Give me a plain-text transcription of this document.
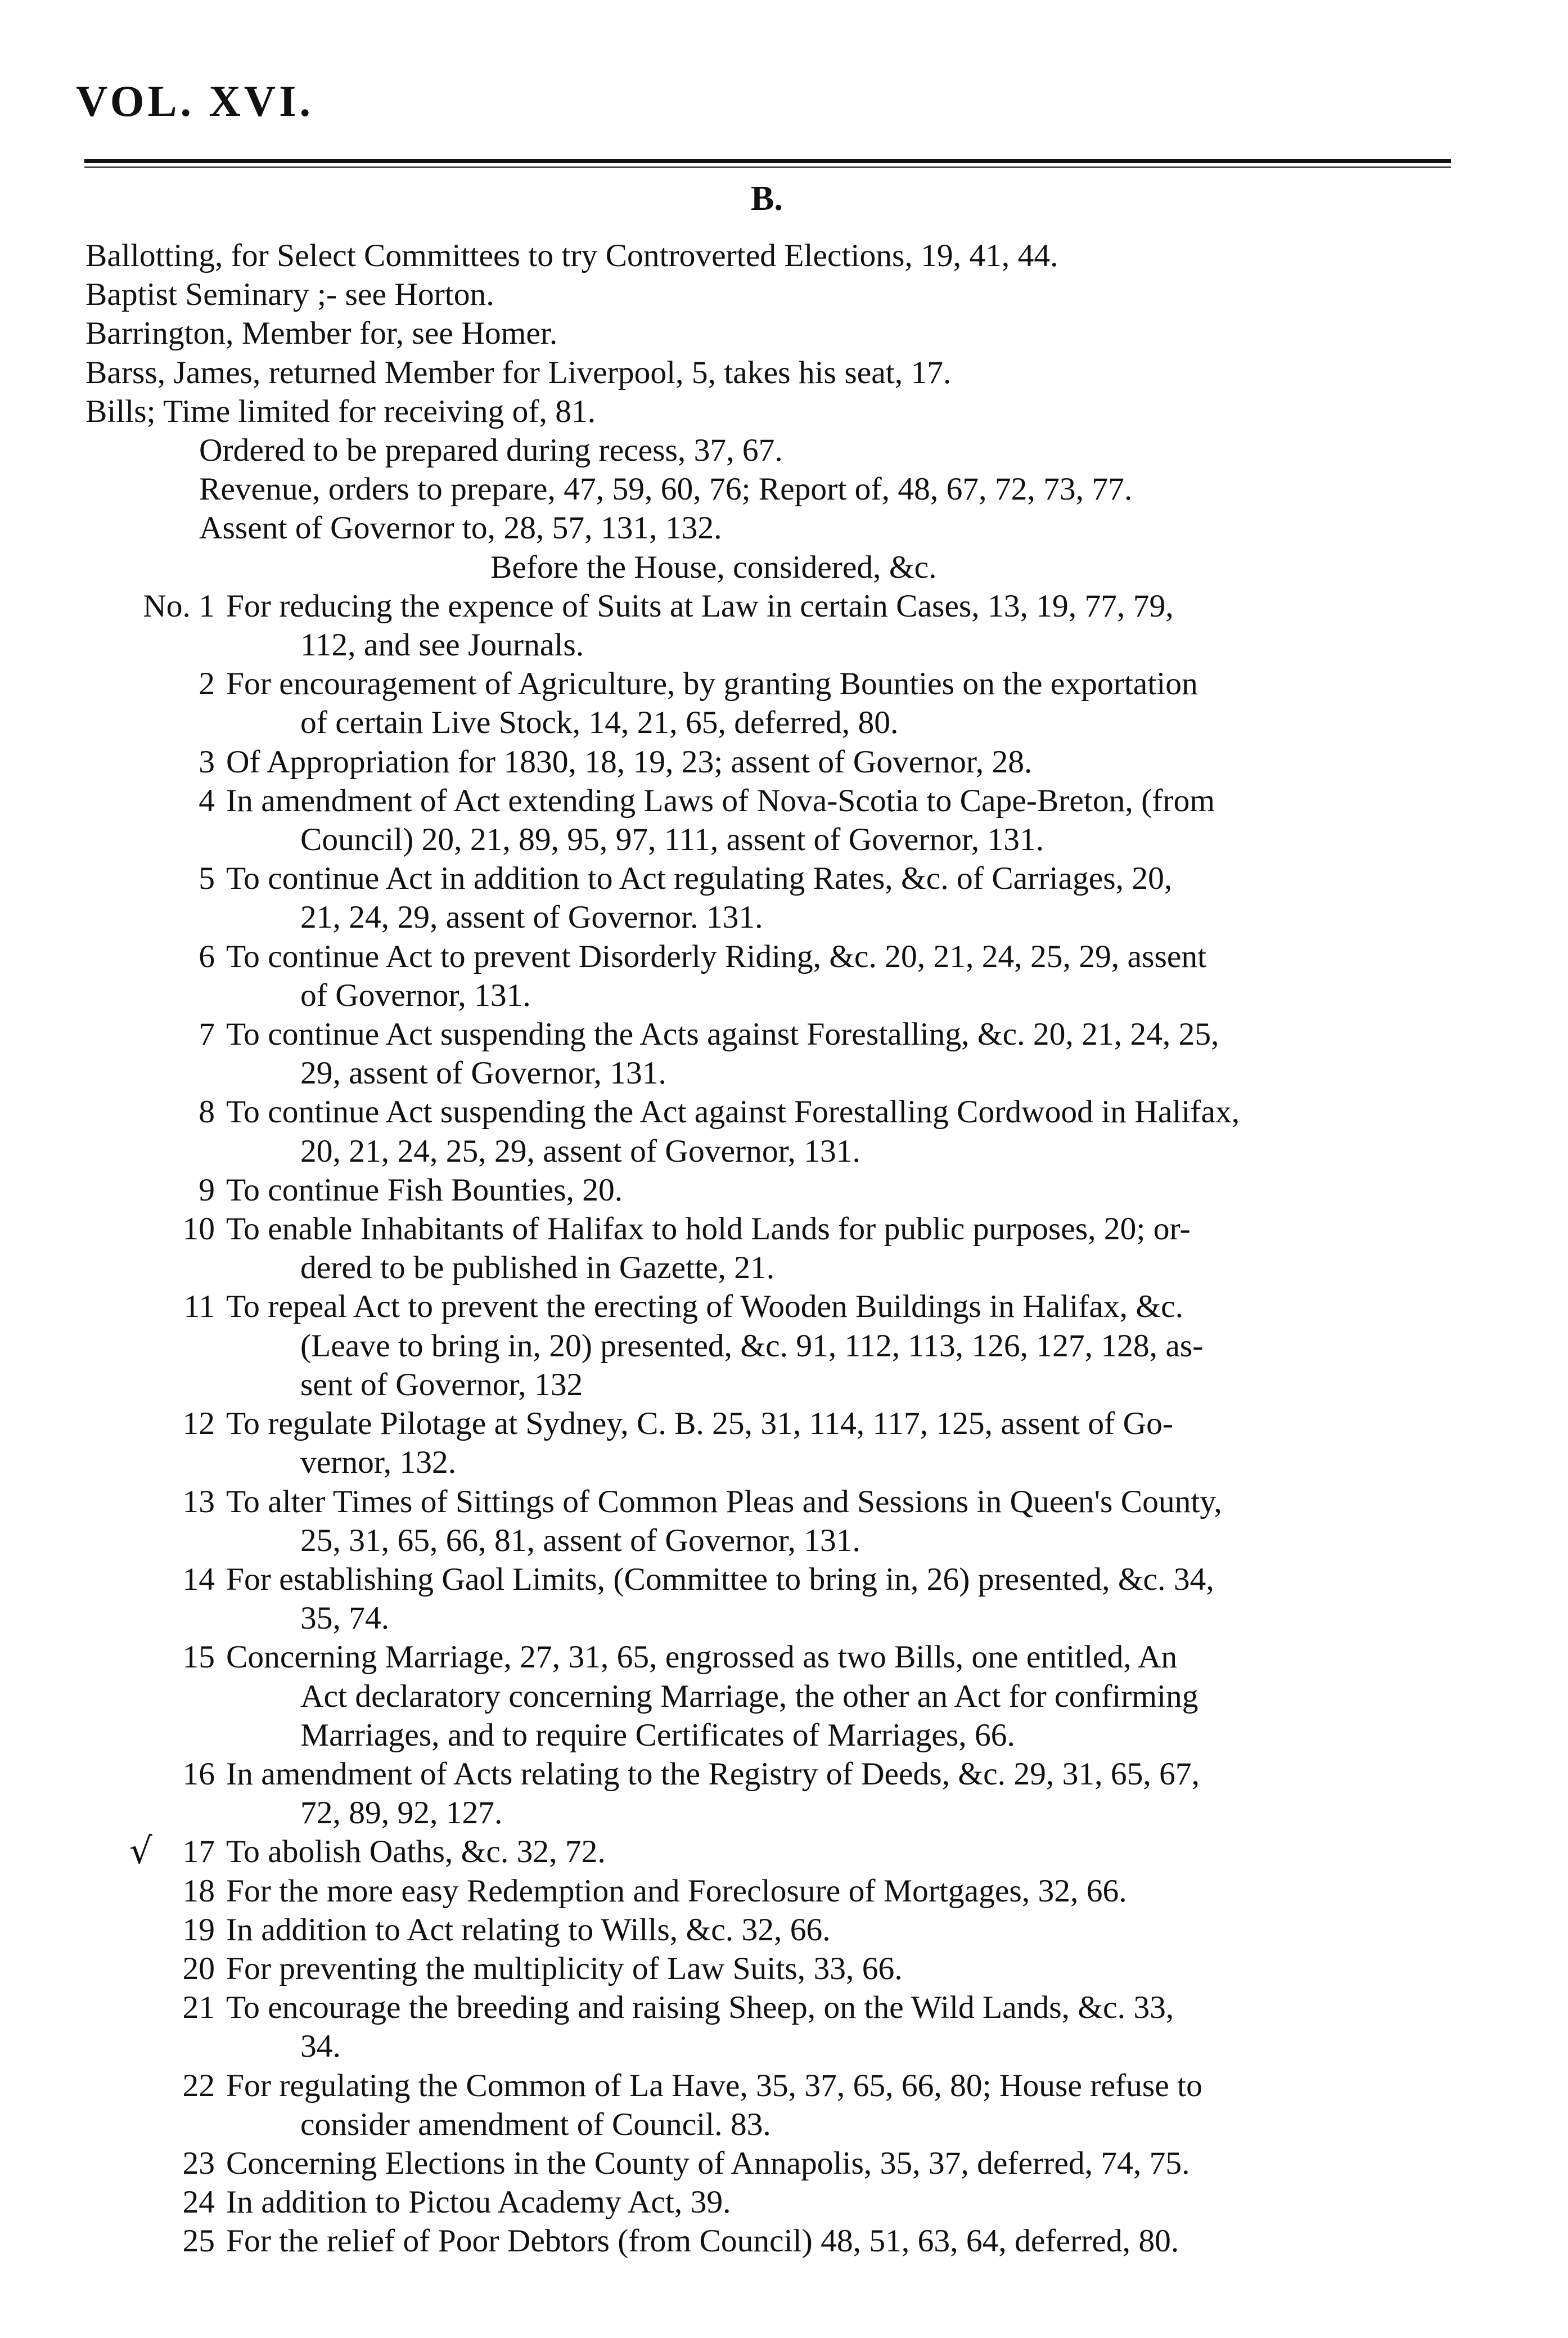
VOL. XVI.
B.
Ballotting, for Select Committees to try Controverted Elections, 19, 41, 44.
Baptist Seminary ;- see Horton.
Barrington, Member for, see Homer.
Barss, James, returned Member for Liverpool, 5, takes his seat, 17.
Bills; Time limited for receiving of, 81.
Ordered to be prepared during recess, 37, 67.
Revenue, orders to prepare, 47, 59, 60, 76; Report of, 48, 67, 72, 73, 77.
Assent of Governor to, 28, 57, 131, 132.
Before the House, considered, &c.
No. 1 For reducing the expence of Suits at Law in certain Cases, 13, 19, 77, 79,
112, and see Journals.
2 For encouragement of Agriculture, by granting Bounties on the exportation
of certain Live Stock, 14, 21, 65, deferred, 80.
3 Of Appropriation for 1830, 18, 19, 23; assent of Governor, 28.
4 In amendment of Act extending Laws of Nova-Scotia to Cape-Breton, (from
Council) 20, 21, 89, 95, 97, 111, assent of Governor, 131.
5 To continue Act in addition to Act regulating Rates, &c. of Carriages, 20,
21, 24, 29, assent of Governor. 131.
6 To continue Act to prevent Disorderly Riding, &c. 20, 21, 24, 25, 29, assent
of Governor, 131.
7 To continue Act suspending the Acts against Forestalling, &c. 20, 21, 24, 25,
29, assent of Governor, 131.
8 To continue Act suspending the Act against Forestalling Cordwood in Halifax,
20, 21, 24, 25, 29, assent of Governor, 131.
9 To continue Fish Bounties, 20.
10 To enable Inhabitants of Halifax to hold Lands for public purposes, 20; or-
dered to be published in Gazette, 21.
11 To repeal Act to prevent the erecting of Wooden Buildings in Halifax, &c.
(Leave to bring in, 20) presented, &c. 91, 112, 113, 126, 127, 128, as-
sent of Governor, 132
12 To regulate Pilotage at Sydney, C. B. 25, 31, 114, 117, 125, assent of Go-
vernor, 132.
13 To alter Times of Sittings of Common Pleas and Sessions in Queen's County,
25, 31, 65, 66, 81, assent of Governor, 131.
14 For establishing Gaol Limits, (Committee to bring in, 26) presented, &c. 34,
35, 74.
15 Concerning Marriage, 27, 31, 65, engrossed as two Bills, one entitled, An
Act declaratory concerning Marriage, the other an Act for confirming
Marriages, and to require Certificates of Marriages, 66.
16 In amendment of Acts relating to the Registry of Deeds, &c. 29, 31, 65, 67,
72, 89, 92, 127.
√ 17 To abolish Oaths, &c. 32, 72.
18 For the more easy Redemption and Foreclosure of Mortgages, 32, 66.
19 In addition to Act relating to Wills, &c. 32, 66.
20 For preventing the multiplicity of Law Suits, 33, 66.
21 To encourage the breeding and raising Sheep, on the Wild Lands, &c. 33,
34.
22 For regulating the Common of La Have, 35, 37, 65, 66, 80; House refuse to
consider amendment of Council. 83.
23 Concerning Elections in the County of Annapolis, 35, 37, deferred, 74, 75.
24 In addition to Pictou Academy Act, 39.
25 For the relief of Poor Debtors (from Council) 48, 51, 63, 64, deferred, 80.
